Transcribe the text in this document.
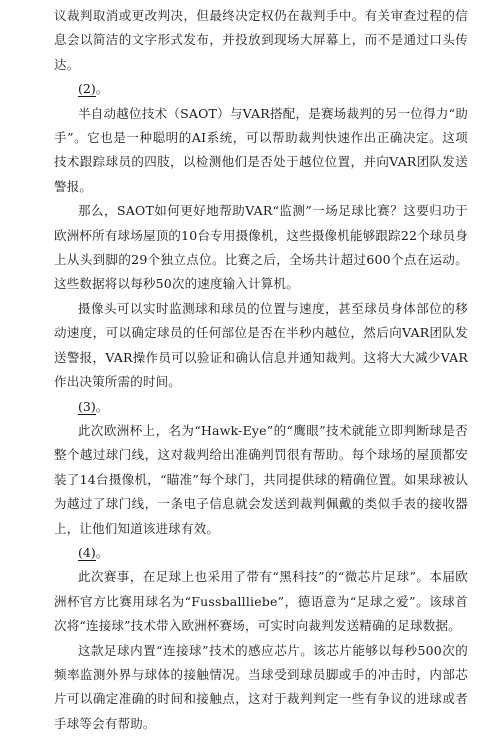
议裁判取消或更改判决，但最终决定权仍在裁判手中。有关审查过程的信息会以简洁的文字形式发布，并投放到现场大屏幕上，而不是通过口头传达。

(2)。

半自动越位技术（SAOT）与VAR搭配，是赛场裁判的另一位得力“助手”。它也是一种聪明的AI系统，可以帮助裁判快速作出正确决定。这项技术跟踪球员的四肢，以检测他们是否处于越位位置，并向VAR团队发送警报。

那么，SAOT如何更好地帮助VAR“监测”一场足球比赛？这要归功于欧洲杯所有球场屋顶的10台专用摄像机，这些摄像机能够跟踪22个球员身上从头到脚的29个独立点位。比赛之后，全场共计超过600个点在运动。这些数据将以每秒50次的速度输入计算机。

摄像头可以实时监测球和球员的位置与速度，甚至球员身体部位的移动速度，可以确定球员的任何部位是否在半秒内越位，然后向VAR团队发送警报，VAR操作员可以验证和确认信息并通知裁判。这将大大减少VAR作出决策所需的时间。

(3)。

此次欧洲杯上，名为“Hawk-Eye”的“鹰眼”技术就能立即判断球是否整个越过球门线，这对裁判给出准确判罚很有帮助。每个球场的屋顶都安装了14台摄像机，“瞄准”每个球门，共同提供球的精确位置。如果球被认为越过了球门线，一条电子信息就会发送到裁判佩戴的类似手表的接收器上，让他们知道该进球有效。

(4)。

此次赛事，在足球上也采用了带有“黑科技”的“微芯片足球”。本届欧洲杯官方比赛用球名为“Fussballliebe”，德语意为“足球之爱”。该球首次将“连接球”技术带入欧洲杯赛场，可实时向裁判发送精确的足球数据。

这款足球内置“连接球”技术的感应芯片。该芯片能够以每秒500次的频率监测外界与球体的接触情况。当球受到球员脚或手的冲击时，内部芯片可以确定准确的时间和接触点，这对于裁判判定一些有争议的进球或者手球等会有帮助。
